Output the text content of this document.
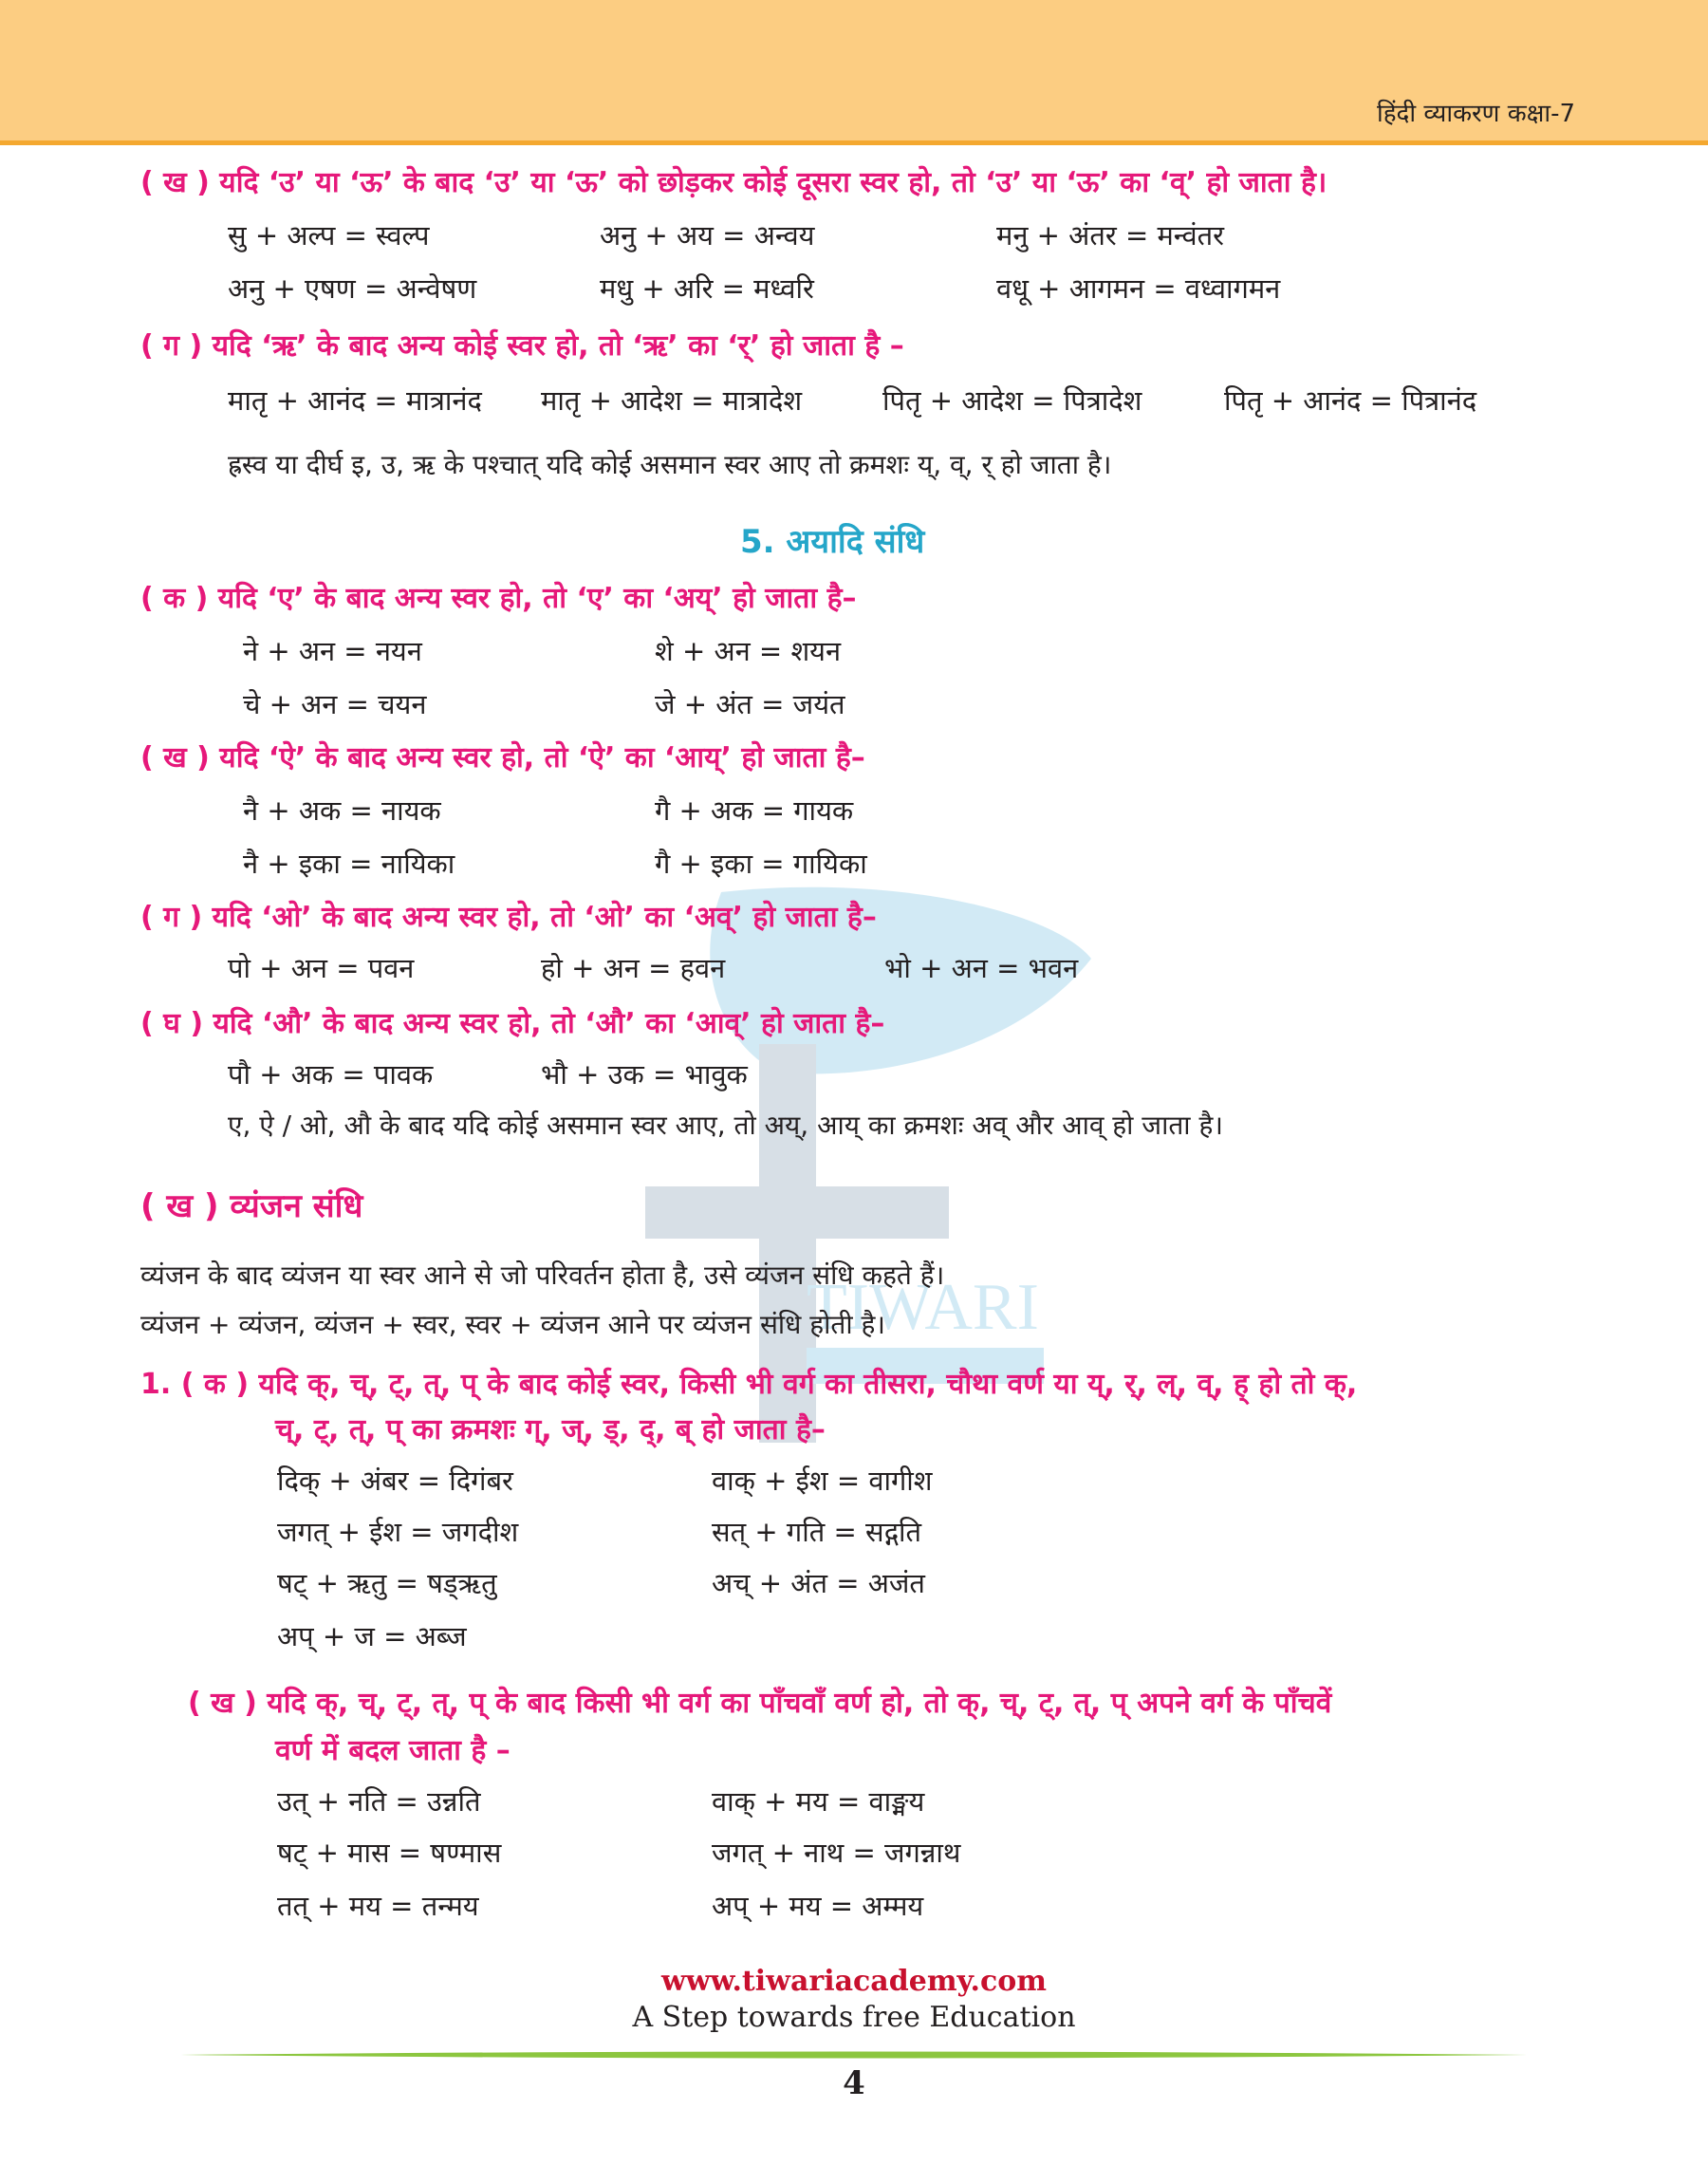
हिंदी व्याकरण कक्षा-7
TIWARI
( ख ) यदि ‘उ’ या ‘ऊ’ के बाद ‘उ’ या ‘ऊ’ को छोड़कर कोई दूसरा स्वर हो, तो ‘उ’ या ‘ऊ’ का ‘व्’ हो जाता है।
सु + अल्प = स्वल्प	अनु + अय = अन्वय	मनु + अंतर = मन्वंतर
अनु + एषण = अन्वेषण	मधु + अरि = मध्वरि	वधू + आगमन = वध्वागमन
( ग ) यदि ‘ऋ’ के बाद अन्य कोई स्वर हो, तो ‘ऋ’ का ‘र्’ हो जाता है –
मातृ + आनंद = मात्रानंद मातृ + आदेश = मात्रादेश	पितृ + आदेश = पित्रादेश	पितृ + आनंद = पित्रानंद
ह्रस्व या दीर्घ इ, उ, ऋ के पश्चात् यदि कोई असमान स्वर आए तो क्रमशः य्, व्, र् हो जाता है।
5. अयादि संधि
( क ) यदि ‘ए’ के बाद अन्य स्वर हो, तो ‘ए’ का ‘अय्’ हो जाता है–
ने + अन = नयन	शे + अन = शयन
चे + अन = चयन	जे + अंत = जयंत
( ख ) यदि ‘ऐ’ के बाद अन्य स्वर हो, तो ‘ऐ’ का ‘आय्’ हो जाता है–
नै + अक = नायक	गै + अक = गायक
नै + इका = नायिका	गै + इका = गायिका
( ग ) यदि ‘ओ’ के बाद अन्य स्वर हो, तो ‘ओ’ का ‘अव्’ हो जाता है–
पो + अन = पवन	हो + अन = हवन	भो + अन = भवन
( घ ) यदि ‘औ’ के बाद अन्य स्वर हो, तो ‘औ’ का ‘आव्’ हो जाता है–
पौ + अक = पावक	भौ + उक = भावुक
ए, ऐ / ओ, औ के बाद यदि कोई असमान स्वर आए, तो अय्, आय् का क्रमशः अव् और आव् हो जाता है।
( ख ) व्यंजन संधि
व्यंजन के बाद व्यंजन या स्वर आने से जो परिवर्तन होता है, उसे व्यंजन संधि कहते हैं।
व्यंजन + व्यंजन, व्यंजन + स्वर, स्वर + व्यंजन आने पर व्यंजन संधि होती है।
1. ( क ) यदि क्, च्, ट्, त्, प् के बाद कोई स्वर, किसी भी वर्ग का तीसरा, चौथा वर्ण या य्, र्, ल्, व्, ह् हो तो क्,
च्, ट्, त्, प् का क्रमशः ग्, ज्, ड्, द्, ब् हो जाता है–
दिक् + अंबर = दिगंबर	वाक् + ईश = वागीश
जगत् + ईश = जगदीश	सत् + गति = सद्गति
षट् + ऋतु = षड्ऋतु	अच् + अंत = अजंत
अप् + ज = अब्ज
( ख ) यदि क्, च्, ट्, त्, प् के बाद किसी भी वर्ग का पाँचवाँ वर्ण हो, तो क्, च्, ट्, त्, प् अपने वर्ग के पाँचवें
वर्ण में बदल जाता है –
उत् + नति = उन्नति	वाक् + मय = वाङ्मय
षट् + मास = षण्मास	जगत् + नाथ = जगन्नाथ
तत् + मय = तन्मय	अप् + मय = अम्मय
www.tiwariacademy.com
A Step towards free Education
4
